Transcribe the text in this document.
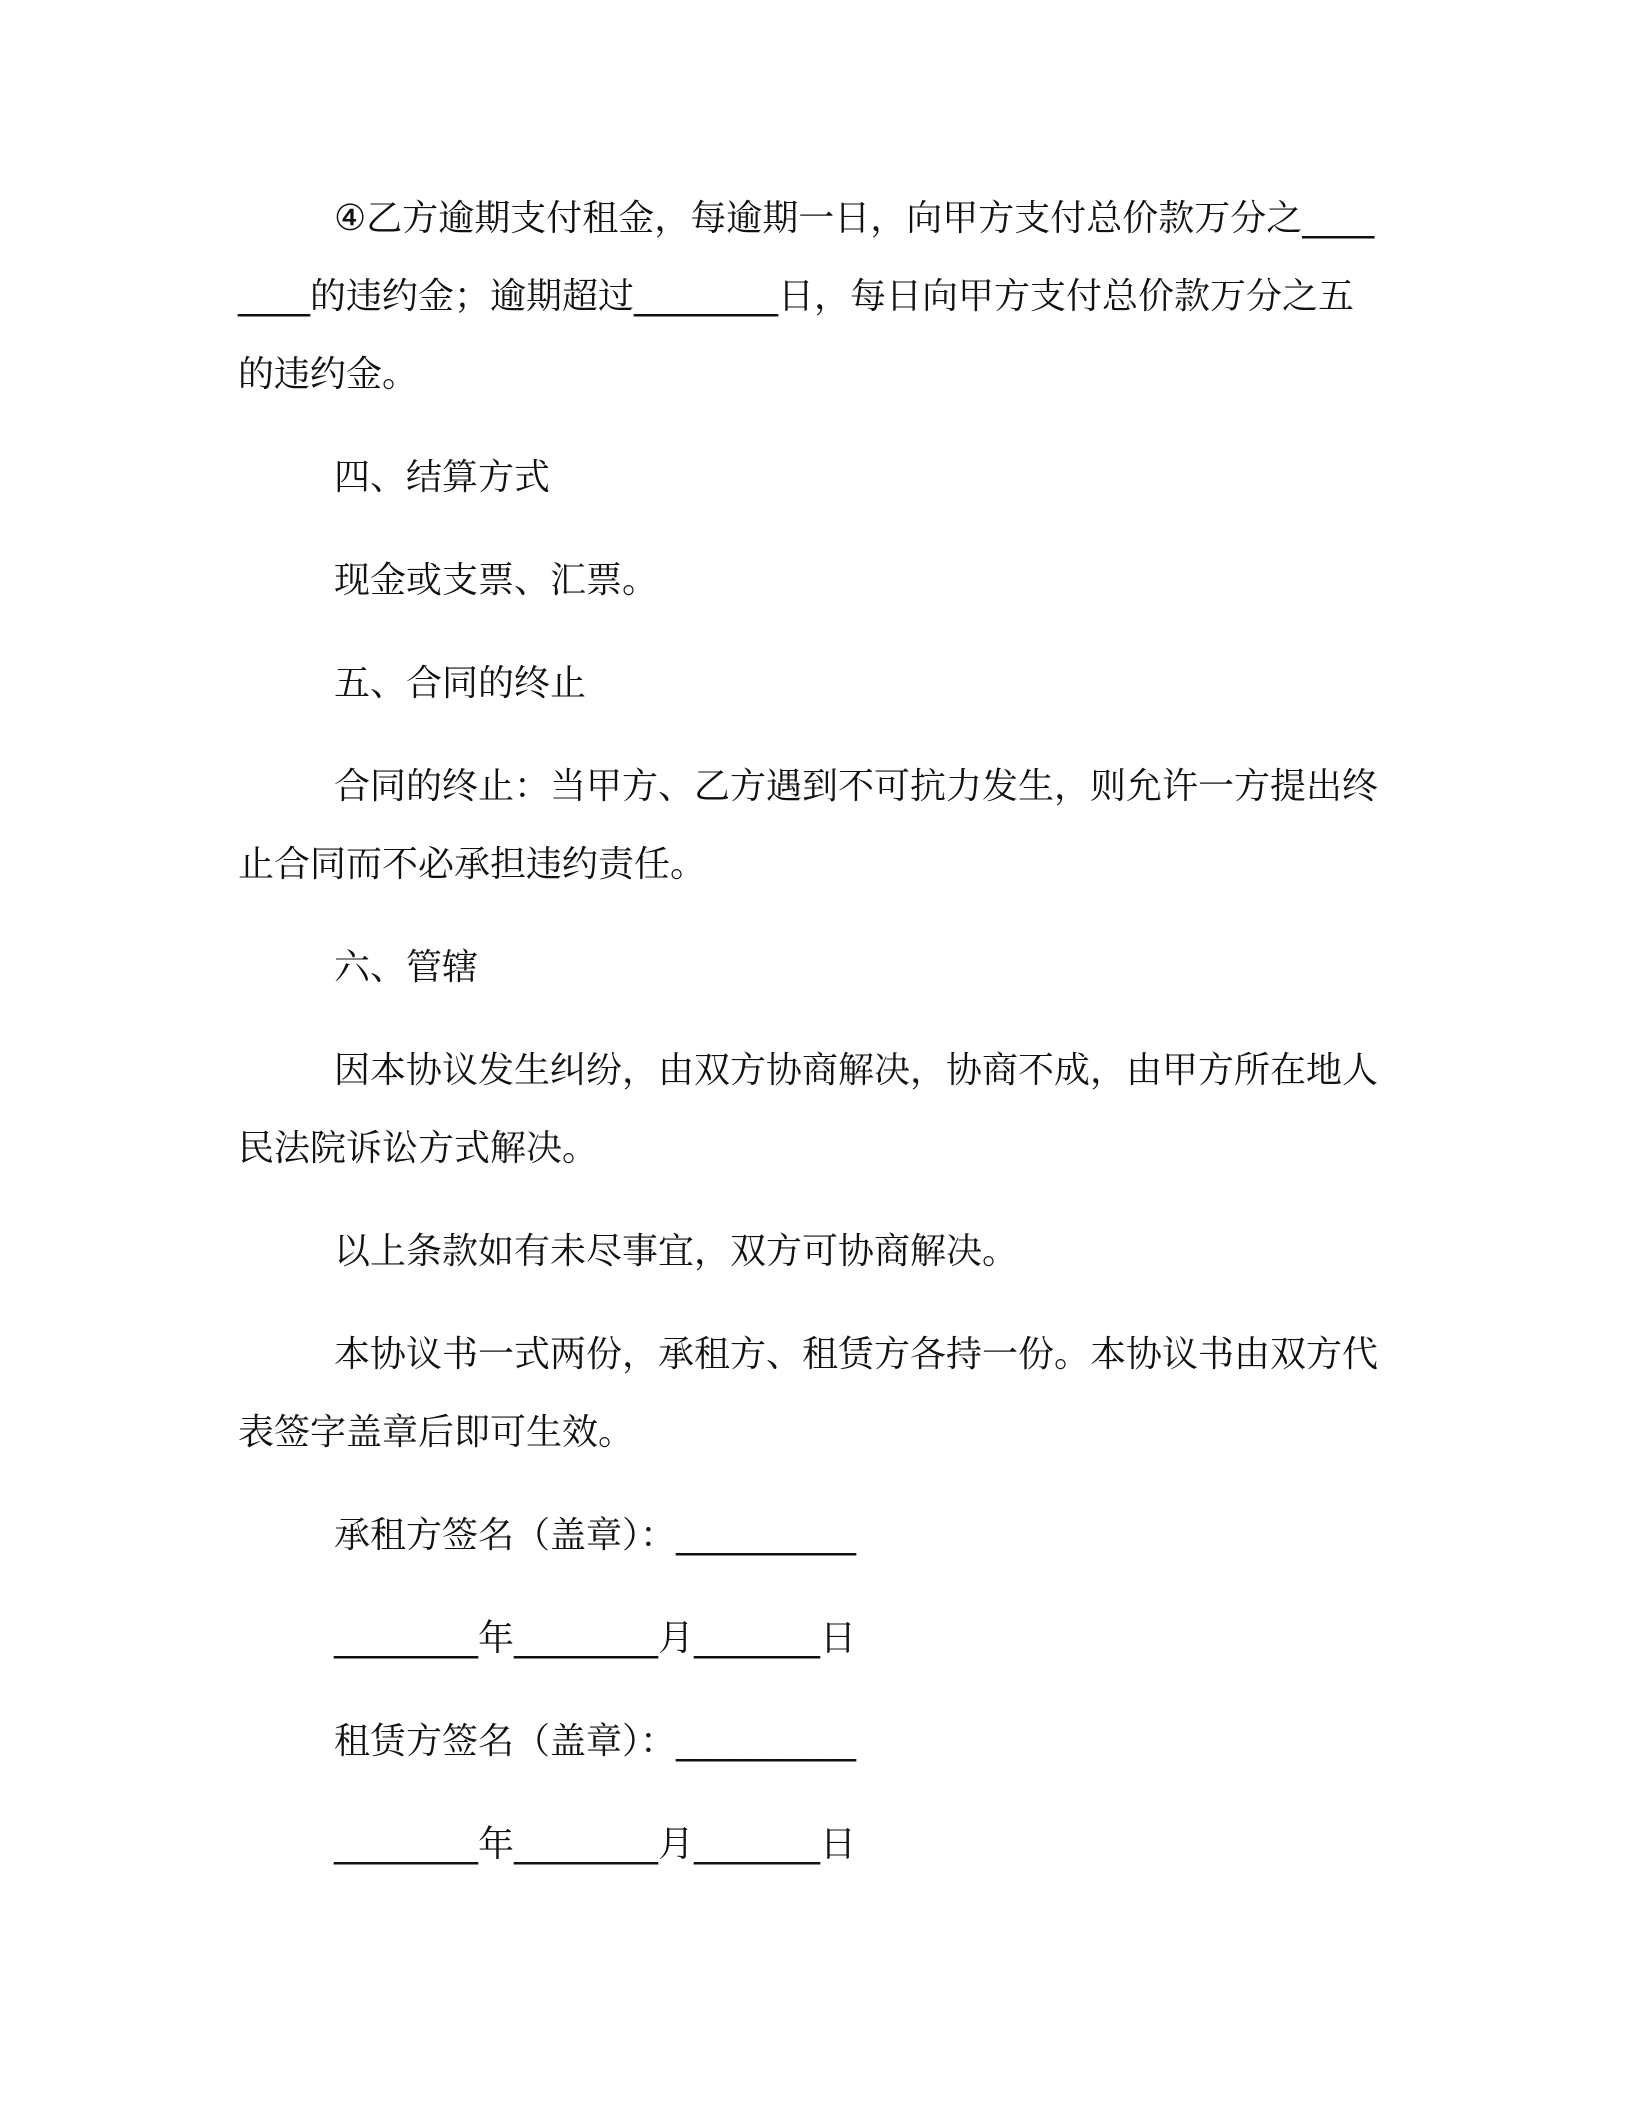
④乙方逾期支付租金，每逾期一日，向甲方支付总价款万分之________的违约金；逾期超过________日，每日向甲方支付总价款万分之五的违约金。

四、结算方式

现金或支票、汇票。

五、合同的终止

合同的终止：当甲方、乙方遇到不可抗力发生，则允许一方提出终止合同而不必承担违约责任。

六、管辖

因本协议发生纠纷，由双方协商解决，协商不成，由甲方所在地人民法院诉讼方式解决。

以上条款如有未尽事宜，双方可协商解决。

本协议书一式两份，承租方、租赁方各持一份。本协议书由双方代表签字盖章后即可生效。

承租方签名（盖章）：__________

________年________月_______日

租赁方签名（盖章）：__________

________年________月_______日
